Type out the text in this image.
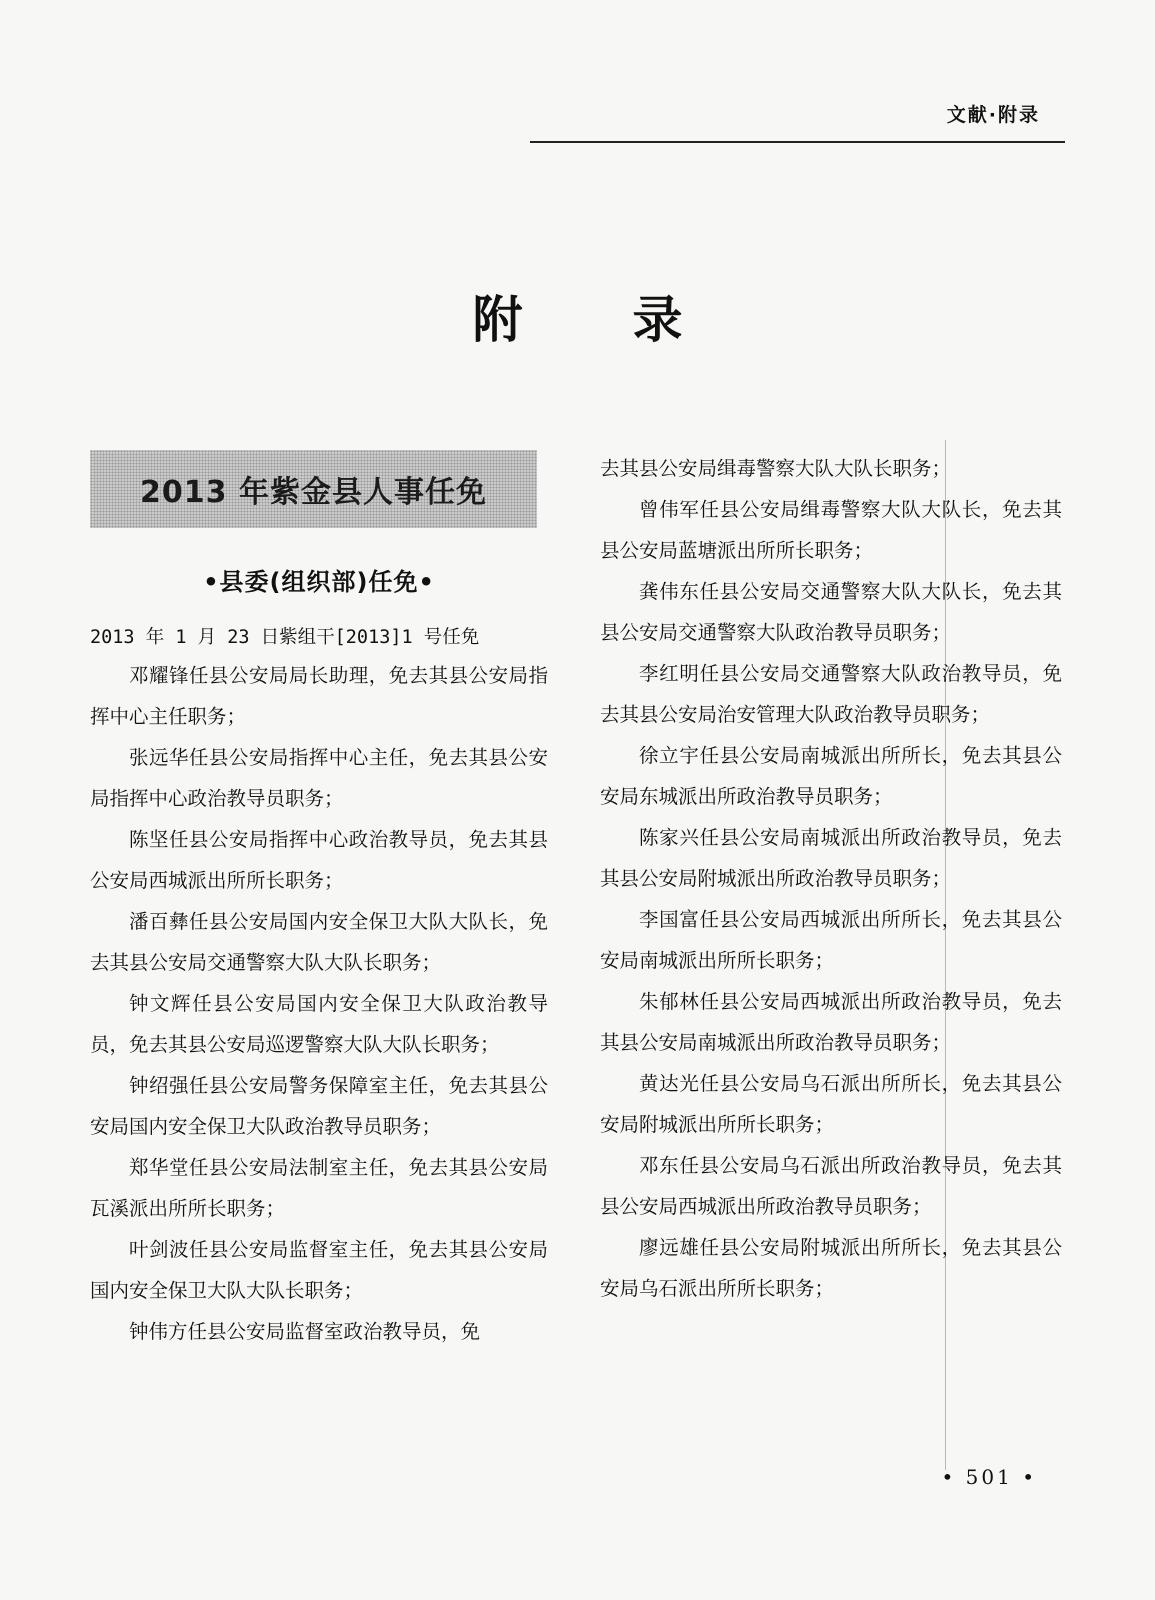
文献·附录
附录
2013 年紫金县人事任免
•县委(组织部)任免•
2013 年 1 月 23 日紫组干[2013]1 号任免

邓耀锋任县公安局局长助理，免去其县公安局指挥中心主任职务；

张远华任县公安局指挥中心主任，免去其县公安局指挥中心政治教导员职务；

陈坚任县公安局指挥中心政治教导员，免去其县公安局西城派出所所长职务；

潘百彝任县公安局国内安全保卫大队大队长，免去其县公安局交通警察大队大队长职务；

钟文辉任县公安局国内安全保卫大队政治教导员，免去其县公安局巡逻警察大队大队长职务；

钟绍强任县公安局警务保障室主任，免去其县公安局国内安全保卫大队政治教导员职务；

郑华堂任县公安局法制室主任，免去其县公安局瓦溪派出所所长职务；

叶剑波任县公安局监督室主任，免去其县公安局国内安全保卫大队大队长职务；

钟伟方任县公安局监督室政治教导员，免

去其县公安局缉毒警察大队大队长职务；

曾伟军任县公安局缉毒警察大队大队长，免去其县公安局蓝塘派出所所长职务；

龚伟东任县公安局交通警察大队大队长，免去其县公安局交通警察大队政治教导员职务；

李红明任县公安局交通警察大队政治教导员，免去其县公安局治安管理大队政治教导员职务；

徐立宇任县公安局南城派出所所长，免去其县公安局东城派出所政治教导员职务；

陈家兴任县公安局南城派出所政治教导员，免去其县公安局附城派出所政治教导员职务；

李国富任县公安局西城派出所所长，免去其县公安局南城派出所所长职务；

朱郁林任县公安局西城派出所政治教导员，免去其县公安局南城派出所政治教导员职务；

黄达光任县公安局乌石派出所所长，免去其县公安局附城派出所所长职务；

邓东任县公安局乌石派出所政治教导员，免去其县公安局西城派出所政治教导员职务；

廖远雄任县公安局附城派出所所长，免去其县公安局乌石派出所所长职务；

• 501 •
